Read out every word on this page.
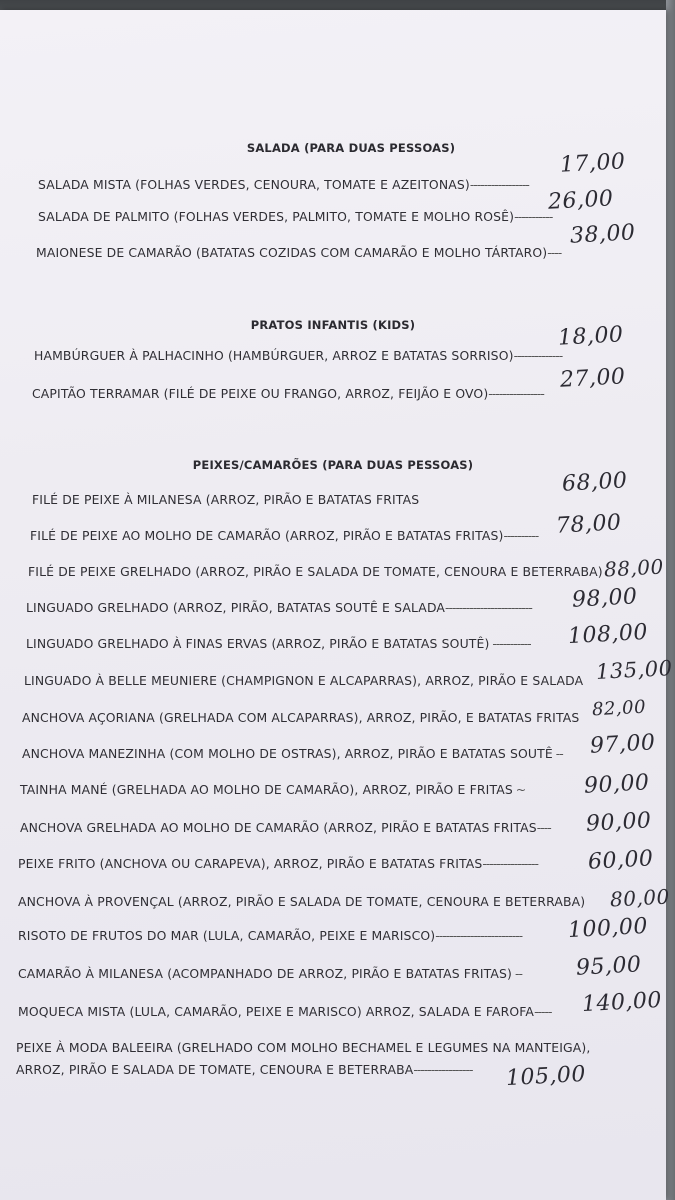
SALADA (PARA DUAS PESSOAS)
SALADA MISTA (FOLHAS VERDES, CENOURA, TOMATE E AZEITONAS)-----------------
17,00
SALADA DE PALMITO (FOLHAS VERDES, PALMITO, TOMATE E MOLHO ROSÊ)-----------
26,00
MAIONESE DE CAMARÃO (BATATAS COZIDAS COM CAMARÃO E MOLHO TÁRTARO)----
38,00
PRATOS INFANTIS (KIDS)
HAMBÚRGUER À PALHACINHO (HAMBÚRGUER, ARROZ E BATATAS SORRISO)--------------
18,00
CAPITÃO TERRAMAR (FILÉ DE PEIXE OU FRANGO, ARROZ, FEIJÃO E OVO)----------------
27,00
PEIXES/CAMARÕES (PARA DUAS PESSOAS)
FILÉ DE PEIXE À MILANESA (ARROZ, PIRÃO E BATATAS FRITAS
68,00
FILÉ DE PEIXE AO MOLHO DE CAMARÃO (ARROZ, PIRÃO E BATATAS FRITAS)---------- 78,00
FILÉ DE PEIXE GRELHADO (ARROZ, PIRÃO E SALADA DE TOMATE, CENOURA E BETERRABA) 88,00
LINGUADO GRELHADO (ARROZ, PIRÃO, BATATAS SOUTÊ E SALADA------------------------- 98,00
LINGUADO GRELHADO À FINAS ERVAS (ARROZ, PIRÃO E BATATAS SOUTÊ) ----------- 108,00
LINGUADO À BELLE MEUNIERE (CHAMPIGNON E ALCAPARRAS), ARROZ, PIRÃO E SALADA 135,00
ANCHOVA AÇORIANA (GRELHADA COM ALCAPARRAS), ARROZ, PIRÃO, E BATATAS FRITAS 82,00
ANCHOVA MANEZINHA (COM MOLHO DE OSTRAS), ARROZ, PIRÃO E BATATAS SOUTÊ -- 97,00
TAINHA MANÉ (GRELHADA AO MOLHO DE CAMARÃO), ARROZ, PIRÃO E FRITAS ~	90,00
ANCHOVA GRELHADA AO MOLHO DE CAMARÃO (ARROZ, PIRÃO E BATATAS FRITAS---- 90,00
PEIXE FRITO (ANCHOVA OU CARAPEVA), ARROZ, PIRÃO E BATATAS FRITAS---------------- 60,00
ANCHOVA À PROVENÇAL (ARROZ, PIRÃO E SALADA DE TOMATE, CENOURA E BETERRABA) 80,00
RISOTO DE FRUTOS DO MAR (LULA, CAMARÃO, PEIXE E MARISCO)------------------------- 100,00
CAMARÃO À MILANESA (ACOMPANHADO DE ARROZ, PIRÃO E BATATAS FRITAS) -- 95,00
MOQUECA MISTA (LULA, CAMARÃO, PEIXE E MARISCO) ARROZ, SALADA E FAROFA----- 140,00
PEIXE À MODA BALEEIRA (GRELHADO COM MOLHO BECHAMEL E LEGUMES NA MANTEIGA),
ARROZ, PIRÃO E SALADA DE TOMATE, CENOURA E BETERRABA----------------- 105,00
